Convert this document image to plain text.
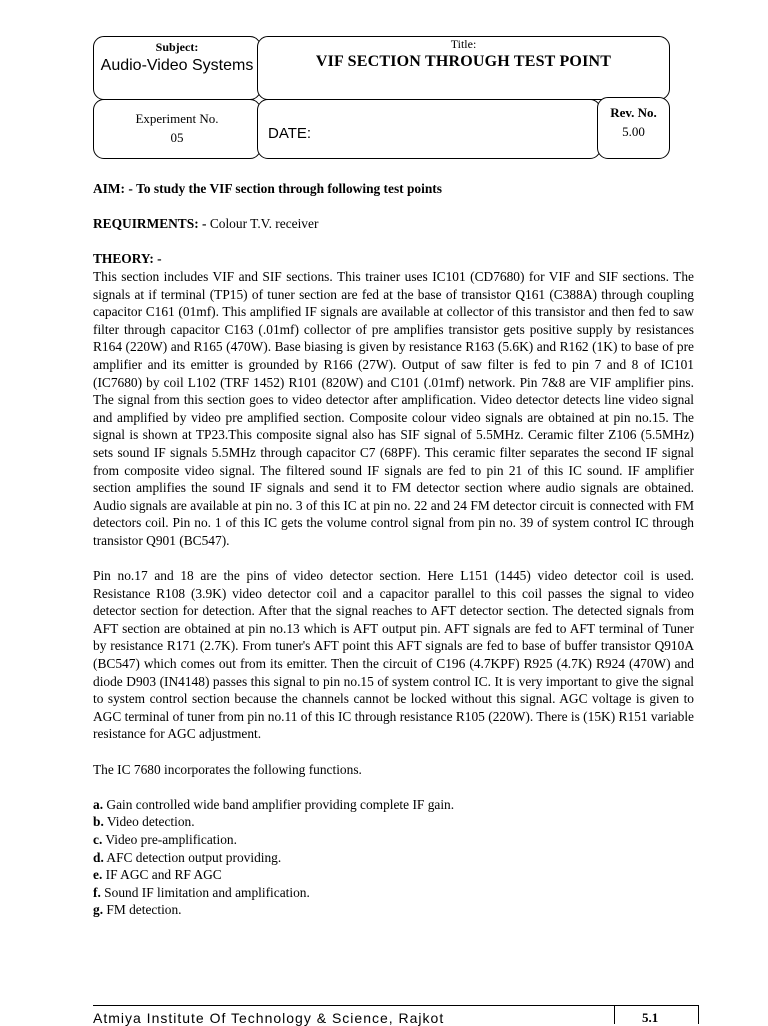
Subject:
Audio-Video Systems
Title:
VIF SECTION THROUGH TEST POINT
Experiment No.
05	DATE:
Rev. No.
5.00

AIM: - To study the VIF section through following test points

REQUIRMENTS: - Colour T.V. receiver

THEORY: -

This section includes VIF and SIF sections. This trainer uses IC101 (CD7680) for VIF and SIF sections. The signals at if terminal (TP15) of tuner section are fed at the base of transistor Q161 (C388A) through coupling capacitor C161 (01mf). This amplified IF signals are available at collector of this transistor and then fed to saw filter through capacitor C163 (.01mf) collector of pre amplifies transistor gets positive supply by resistances R164 (220W) and R165 (470W). Base biasing is given by resistance R163 (5.6K) and R162 (1K) to base of pre amplifier and its emitter is grounded by R166 (27W). Output of saw filter is fed to pin 7 and 8 of IC101 (IC7680) by coil L102 (TRF 1452) R101 (820W) and C101 (.01mf) network. Pin 7&8 are VIF amplifier pins. The signal from this section goes to video detector after amplification. Video detector detects line video signal and amplified by video pre amplified section. Composite colour video signals are obtained at pin no.15. The signal is shown at TP23.This composite signal also has SIF signal of 5.5MHz. Ceramic filter Z106 (5.5MHz) sets sound IF signals 5.5MHz through capacitor C7 (68PF). This ceramic filter separates the second IF signal from composite video signal. The filtered sound IF signals are fed to pin 21 of this IC sound. IF amplifier section amplifies the sound IF signals and send it to FM detector section where audio signals are obtained. Audio signals are available at pin no. 3 of this IC at pin no. 22 and 24 FM detector circuit is connected with FM detectors coil. Pin no. 1 of this IC gets the volume control signal from pin no. 39 of system control IC through transistor Q901 (BC547).

Pin no.17 and 18 are the pins of video detector section. Here L151 (1445) video detector coil is used. Resistance R108 (3.9K) video detector coil and a capacitor parallel to this coil passes the signal to video detector section for detection. After that the signal reaches to AFT detector section. The detected signals from AFT section are obtained at pin no.13 which is AFT output pin. AFT signals are fed to AFT terminal of Tuner by resistance R171 (2.7K). From tuner's AFT point this AFT signals are fed to base of buffer transistor Q910A (BC547) which comes out from its emitter. Then the circuit of C196 (4.7KPF) R925 (4.7K) R924 (470W) and diode D903 (IN4148) passes this signal to pin no.15 of system control IC. It is very important to give the signal to system control section because the channels cannot be locked without this signal. AGC voltage is given to AGC terminal of tuner from pin no.11 of this IC through resistance R105 (220W). There is (15K) R151 variable resistance for AGC adjustment.

The IC 7680 incorporates the following functions.

a. Gain controlled wide band amplifier providing complete IF gain.

b. Video detection.

c. Video pre-amplification.

d. AFC detection output providing.

e. IF AGC and RF AGC

f. Sound IF limitation and amplification.

g. FM detection.

Atmiya Institute Of Technology & Science, Rajkot	5.1
